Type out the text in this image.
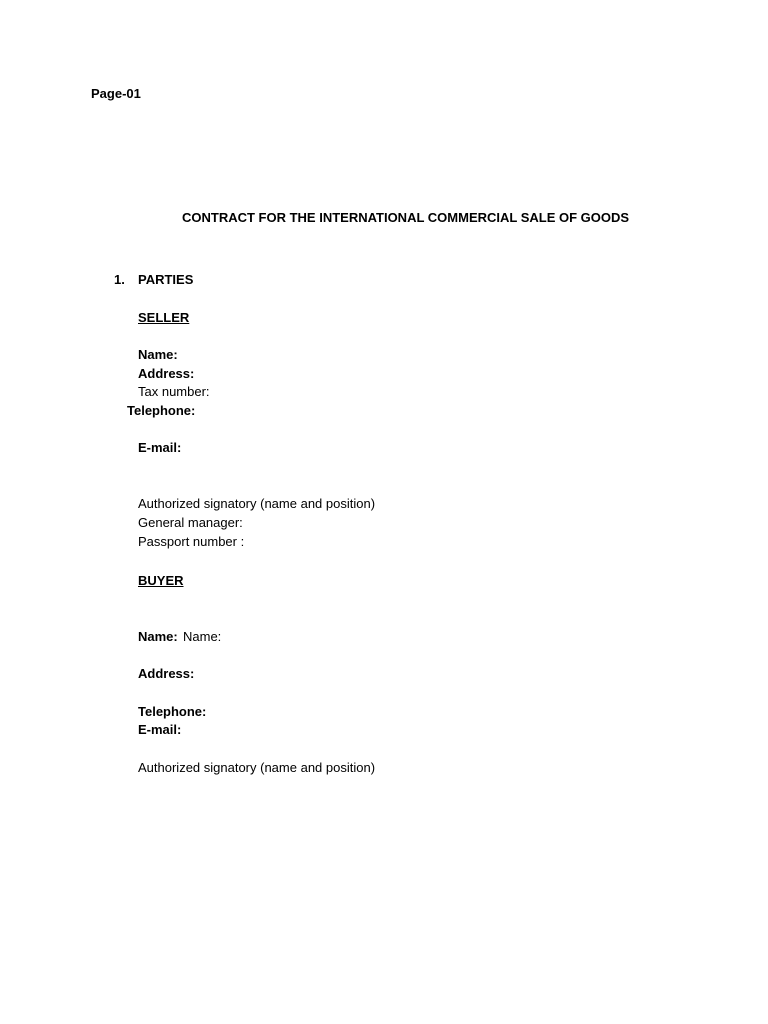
Page-01
CONTRACT FOR THE INTERNATIONAL COMMERCIAL SALE OF GOODS
1. PARTIES
SELLER
Name:
Address:
Tax number:
Telephone:
E-mail:
Authorized signatory (name and position)
General manager:
Passport number :
BUYER
Name: Name:
Address:
Telephone:
E-mail:
Authorized signatory (name and position)
